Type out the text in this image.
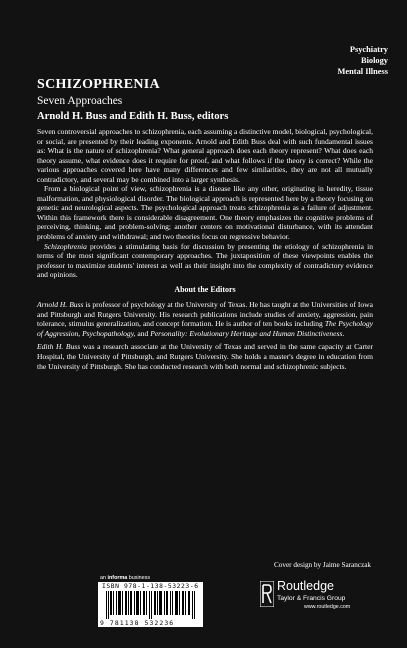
Psychiatry
Biology
Mental Illness
SCHIZOPHRENIA
Seven Approaches
Arnold H. Buss and Edith H. Buss, editors

Seven controversial approaches to schizophrenia, each assuming a distinctive model, biological, psychological, or social, are presented by their leading exponents. Arnold and Edith Buss deal with such fundamental issues as: What is the nature of schizophrenia? What general approach does each theory represent? What does each theory assume, what evidence does it require for proof, and what follows if the theory is correct? While the various approaches covered here have many differences and few similarities, they are not all mutually contradictory, and several may be combined into a larger synthesis.

From a biological point of view, schizophrenia is a disease like any other, originating in heredity, tissue malformation, and physiological disorder. The biological approach is represented here by a theory focusing on genetic and neurological aspects. The psychological approach treats schizophrenia as a failure of adjustment. Within this framework there is considerable disagreement. One theory emphasizes the cognitive problems of perceiving, thinking, and problem-solving; another centers on motivational disturbance, with its attendant problems of anxiety and withdrawal; and two theories focus on regressive behavior.

Schizophrenia provides a stimulating basis for discussion by presenting the etiology of schizophrenia in terms of the most significant contemporary approaches. The juxtaposition of these viewpoints enables the professor to maximize students' interest as well as their insight into the complexity of contradictory evidence and opinions.

About the Editors

Arnold H. Buss is professor of psychology at the University of Texas. He has taught at the Universities of Iowa and Pittsburgh and Rutgers University. His research publications include studies of anxiety, aggression, pain tolerance, stimulus generalization, and concept formation. He is author of ten books including The Psychology of Aggression, Psychopathology, and Personality: Evolutionary Heritage and Human Distinctiveness.

Edith H. Buss was a research associate at the University of Texas and served in the same capacity at Carter Hospital, the University of Pittsburgh, and Rutgers University. She holds a master's degree in education from the University of Pittsburgh. She has conducted research with both normal and schizophrenic subjects.

Cover design by Jaime Saranczak
an informa business
ISBN 978-1-138-53223-6
9 781138 532236
Routledge
Taylor & Francis Group
www.routledge.com
